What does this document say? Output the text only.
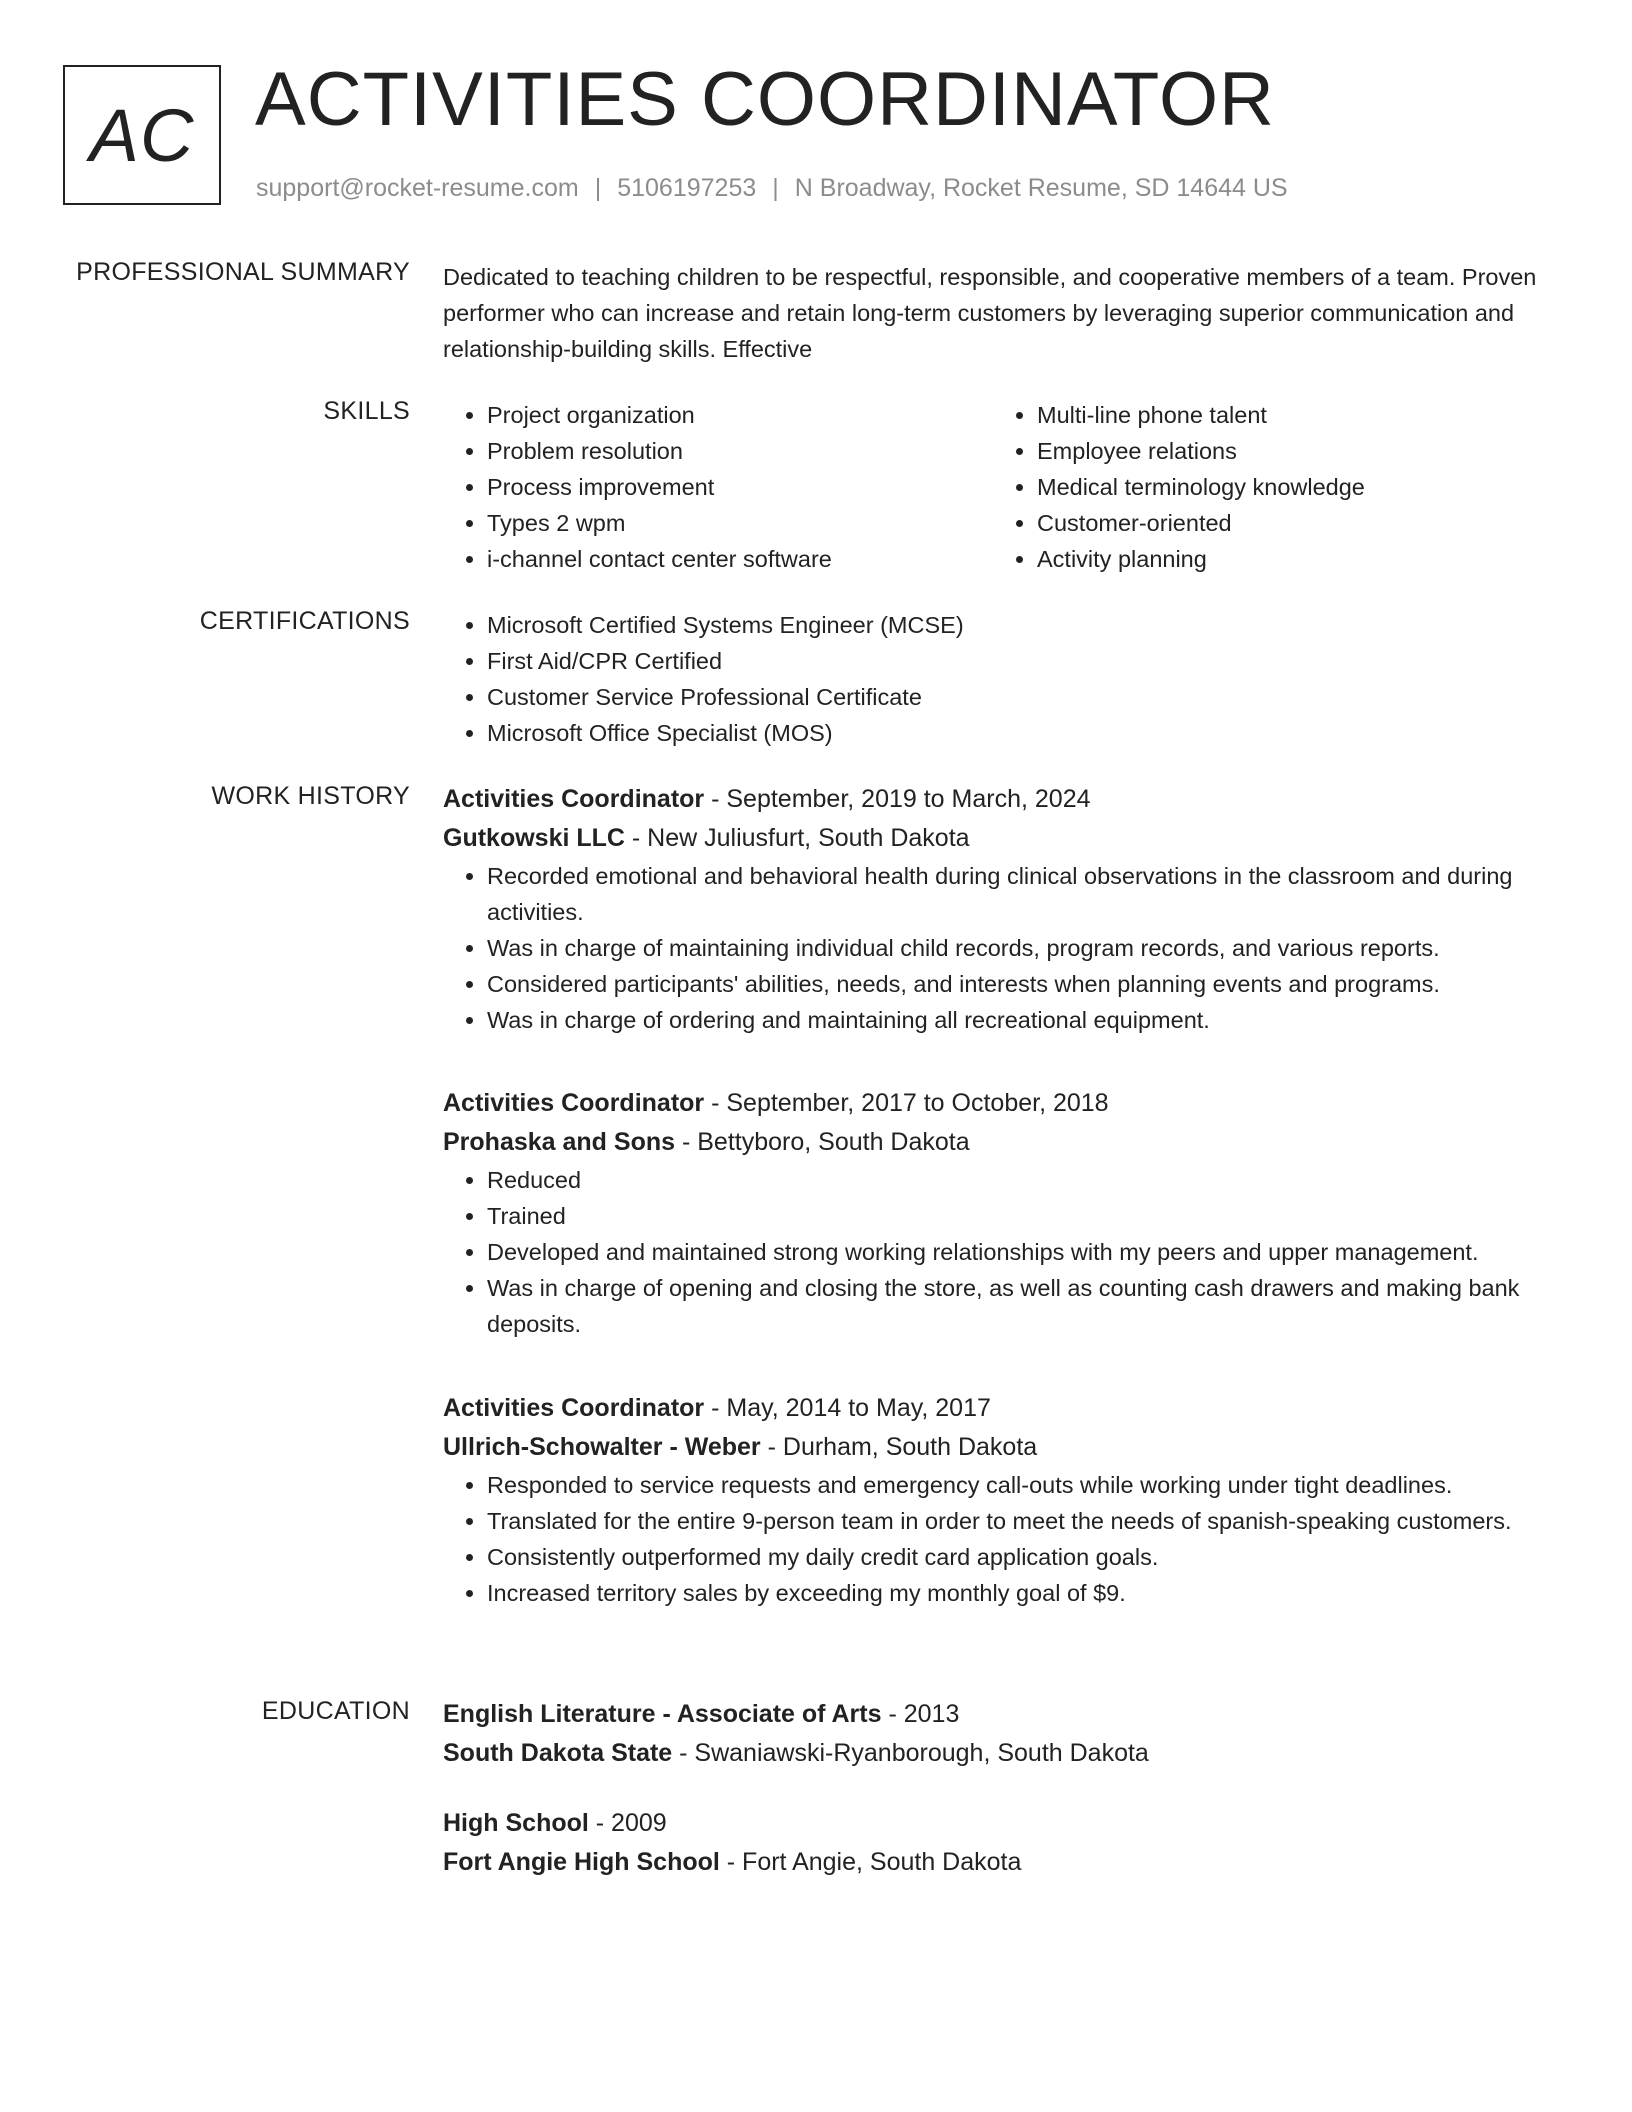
AC ACTIVITIES COORDINATOR
support@rocket-resume.com | 5106197253 | N Broadway, Rocket Resume, SD 14644 US
PROFESSIONAL SUMMARY Dedicated to teaching children to be respectful, responsible, and cooperative members of a team. Proven performer who can increase and retain long-term customers by leveraging superior communication and relationship-building skills. Effective

SKILLS	• Project organization
• Problem resolution
• Process improvement
• Types 2 wpm
• i-channel contact center software
• Multi-line phone talent
• Employee relations
• Medical terminology knowledge
• Customer-oriented
• Activity planning
CERTIFICATIONS	• Microsoft Certified Systems Engineer (MCSE)
• First Aid/CPR Certified
• Customer Service Professional Certificate
• Microsoft Office Specialist (MOS)
WORK HISTORY Activities Coordinator - September, 2019 to March, 2024
Gutkowski LLC - New Juliusfurt, South Dakota
• Recorded emotional and behavioral health during clinical observations in the classroom and during activities.
• Was in charge of maintaining individual child records, program records, and various reports.
• Considered participants' abilities, needs, and interests when planning events and programs.
• Was in charge of ordering and maintaining all recreational equipment.
Activities Coordinator - September, 2017 to October, 2018
Prohaska and Sons - Bettyboro, South Dakota
• Reduced
• Trained
• Developed and maintained strong working relationships with my peers and upper management.
• Was in charge of opening and closing the store, as well as counting cash drawers and making bank deposits.
Activities Coordinator - May, 2014 to May, 2017
Ullrich-Schowalter - Weber - Durham, South Dakota
• Responded to service requests and emergency call-outs while working under tight deadlines.
• Translated for the entire 9-person team in order to meet the needs of spanish-speaking customers.
• Consistently outperformed my daily credit card application goals.
• Increased territory sales by exceeding my monthly goal of $9.
EDUCATION English Literature - Associate of Arts - 2013
South Dakota State - Swaniawski-Ryanborough, South Dakota
High School - 2009
Fort Angie High School - Fort Angie, South Dakota
